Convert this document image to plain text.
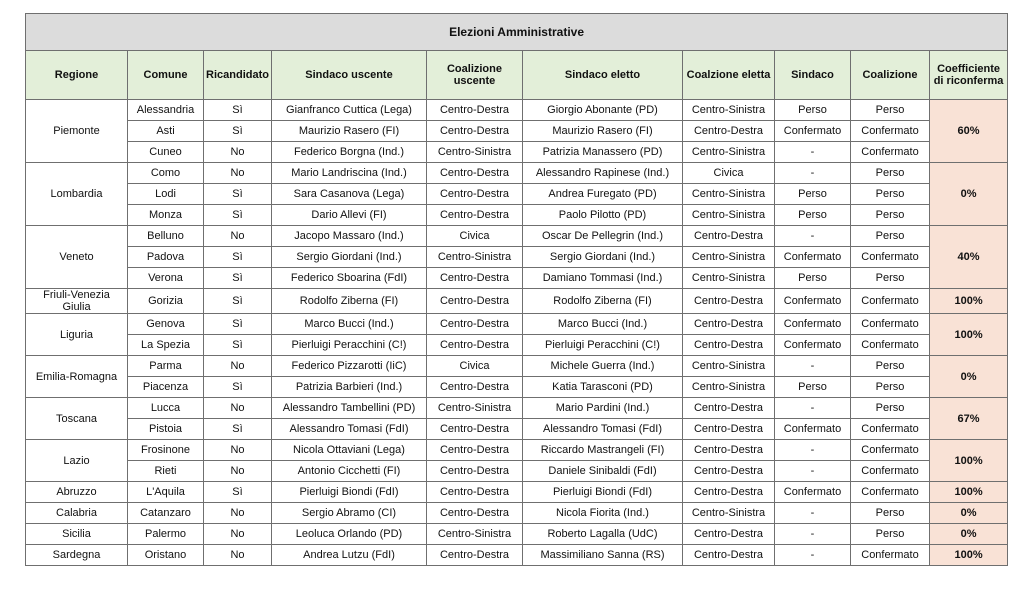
Elezioni Amministrative									
Regione	Comune	Ricandidato	Sindaco uscente	Coalizione uscente	Sindaco eletto	Coalzione eletta	Sindaco	Coalizione	Coefficiente di riconferma
Piemonte	Alessandria	Sì	Gianfranco Cuttica (Lega)	Centro-Destra	Giorgio Abonante (PD)	Centro-Sinistra	Perso	Perso	60%
	Asti	Sì	Maurizio Rasero (FI)	Centro-Destra	Maurizio Rasero (FI)	Centro-Destra	Confermato	Confermato	
	Cuneo	No	Federico Borgna (Ind.)	Centro-Sinistra	Patrizia Manassero (PD)	Centro-Sinistra	-	Confermato	
Lombardia	Como	No	Mario Landriscina (Ind.)	Centro-Destra	Alessandro Rapinese (Ind.)	Civica	-	Perso	0%
	Lodi	Sì	Sara Casanova (Lega)	Centro-Destra	Andrea Furegato (PD)	Centro-Sinistra	Perso	Perso	
	Monza	Sì	Dario Allevi (FI)	Centro-Destra	Paolo Pilotto (PD)	Centro-Sinistra	Perso	Perso	
Veneto	Belluno	No	Jacopo Massaro (Ind.)	Civica	Oscar De Pellegrin (Ind.)	Centro-Destra	-	Perso	40%
	Padova	Sì	Sergio Giordani (Ind.)	Centro-Sinistra	Sergio Giordani (Ind.)	Centro-Sinistra	Confermato	Confermato	
	Verona	Sì	Federico Sboarina (FdI)	Centro-Destra	Damiano Tommasi (Ind.)	Centro-Sinistra	Perso	Perso	
Friuli-Venezia Giulia	Gorizia	Sì	Rodolfo Ziberna (FI)	Centro-Destra	Rodolfo Ziberna (FI)	Centro-Destra	Confermato	Confermato	100%
Liguria	Genova	Sì	Marco Bucci (Ind.)	Centro-Destra	Marco Bucci (Ind.)	Centro-Destra	Confermato	Confermato	100%
	La Spezia	Sì	Pierluigi Peracchini (C!)	Centro-Destra	Pierluigi Peracchini (C!)	Centro-Destra	Confermato	Confermato	
Emilia-Romagna	Parma	No	Federico Pizzarotti (IiC)	Civica	Michele Guerra (Ind.)	Centro-Sinistra	-	Perso	0%
	Piacenza	Sì	Patrizia Barbieri (Ind.)	Centro-Destra	Katia Tarasconi (PD)	Centro-Sinistra	Perso	Perso	
Toscana	Lucca	No	Alessandro Tambellini (PD)	Centro-Sinistra	Mario Pardini (Ind.)	Centro-Destra	-	Perso	67%
	Pistoia	Sì	Alessandro Tomasi (FdI)	Centro-Destra	Alessandro Tomasi (FdI)	Centro-Destra	Confermato	Confermato	
Lazio	Frosinone	No	Nicola Ottaviani (Lega)	Centro-Destra	Riccardo Mastrangeli (FI)	Centro-Destra	-	Confermato	100%
	Rieti	No	Antonio Cicchetti (FI)	Centro-Destra	Daniele Sinibaldi (FdI)	Centro-Destra	-	Confermato	
Abruzzo	L'Aquila	Sì	Pierluigi Biondi (FdI)	Centro-Destra	Pierluigi Biondi (FdI)	Centro-Destra	Confermato	Confermato	100%
Calabria	Catanzaro	No	Sergio Abramo (CI)	Centro-Destra	Nicola Fiorita (Ind.)	Centro-Sinistra	-	Perso	0%
Sicilia	Palermo	No	Leoluca Orlando (PD)	Centro-Sinistra	Roberto Lagalla (UdC)	Centro-Destra	-	Perso	0%
Sardegna	Oristano	No	Andrea Lutzu (FdI)	Centro-Destra	Massimiliano Sanna (RS)	Centro-Destra	-	Confermato	100%
